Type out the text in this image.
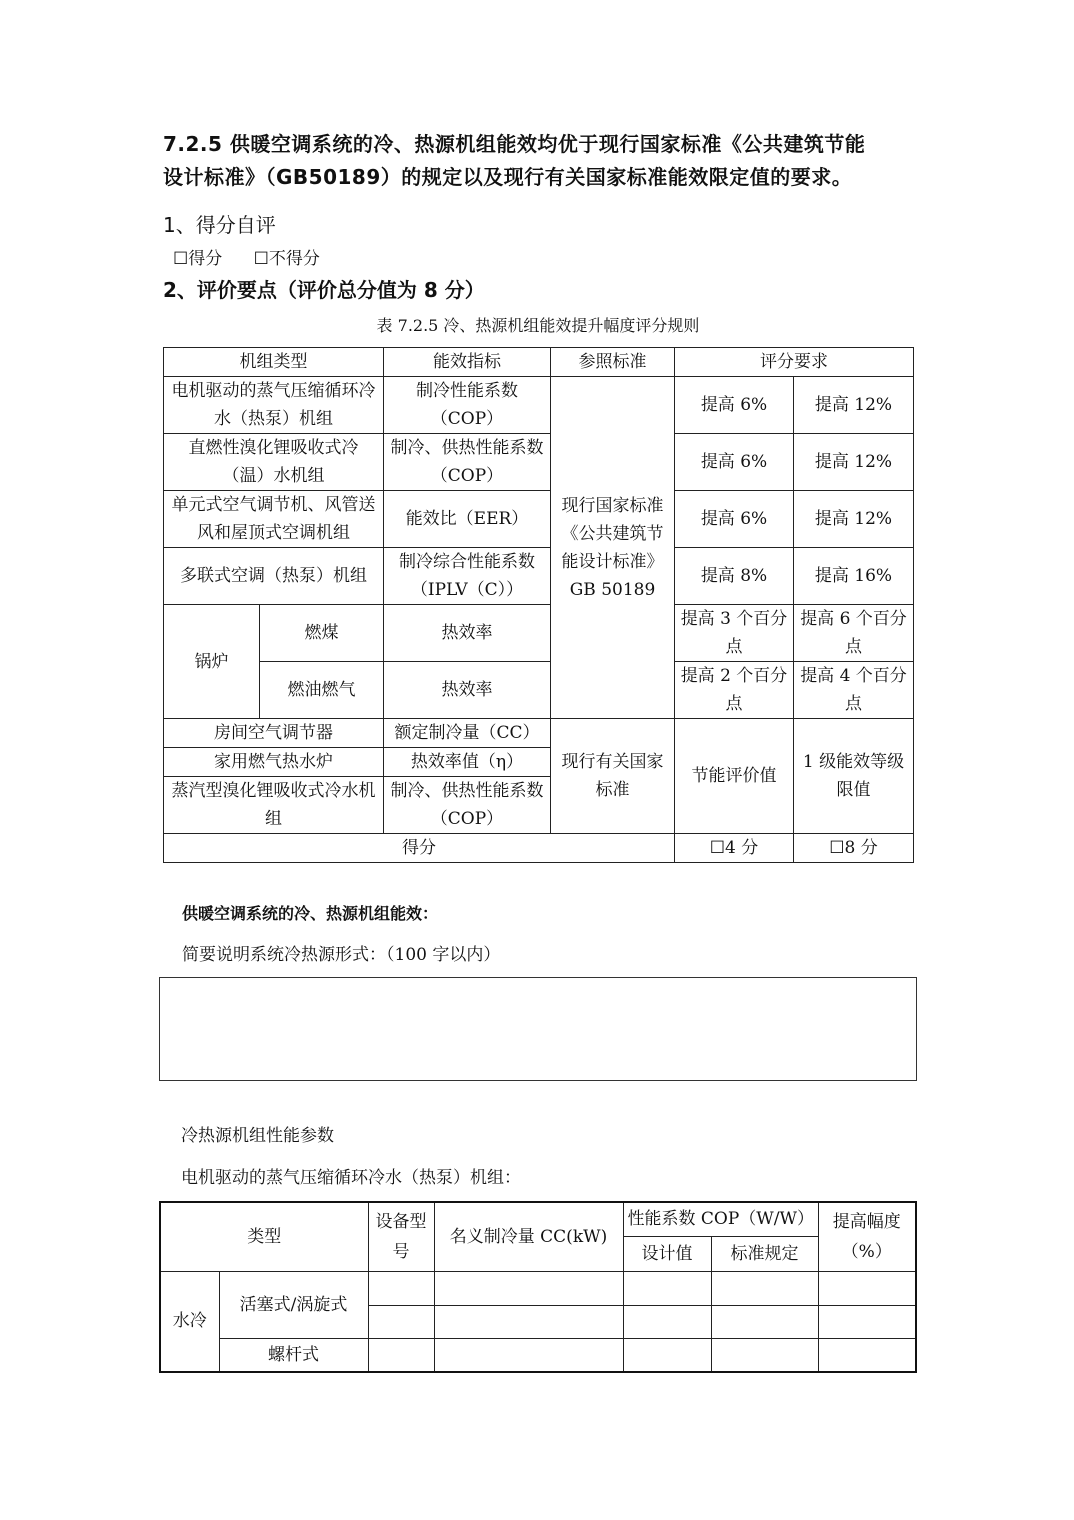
7.2.5 供暖空调系统的冷、热源机组能效均优于现行国家标准《公共建筑节能
设计标准》（GB50189）的规定以及现行有关国家标准能效限定值的要求。
1、得分自评
☐得分 ☐不得分
2、评价要点（评价总分值为 8 分）
表 7.2.5 冷、热源机组能效提升幅度评分规则
机组类型		能效指标	参照标准	评分要求	
电机驱动的蒸气压缩循环冷水（热泵）机组		制冷性能系数（COP）	现行国家标准《公共建筑节能设计标准》GB 50189	提高 6%	提高 12%
直燃性溴化锂吸收式冷（温）水机组		制冷、供热性能系数（COP）		提高 6%	提高 12%
单元式空气调节机、风管送风和屋顶式空调机组		能效比（EER）		提高 6%	提高 12%
多联式空调（热泵）机组		制冷综合性能系数（IPLV（C））		提高 8%	提高 16%
锅炉	燃煤	热效率		提高 3 个百分点	提高 6 个百分点
	燃油燃气	热效率		提高 2 个百分点	提高 4 个百分点
房间空气调节器		额定制冷量（CC）	现行有关国家标准	节能评价值	1 级能效等级限值
家用燃气热水炉		热效率值（η）			
蒸汽型溴化锂吸收式冷水机组		制冷、供热性能系数（COP）			
得分				☐4 分	☐8 分
供暖空调系统的冷、热源机组能效：
简要说明系统冷热源形式：（100 字以内）
冷热源机组性能参数
电机驱动的蒸气压缩循环冷水（热泵）机组：
类型		设备型号	名义制冷量 CC(kW)	性能系数 COP（W/W）		提高幅度（%）
				设计值	标准规定	
水冷	活塞式/涡旋式					

	螺杆式					
